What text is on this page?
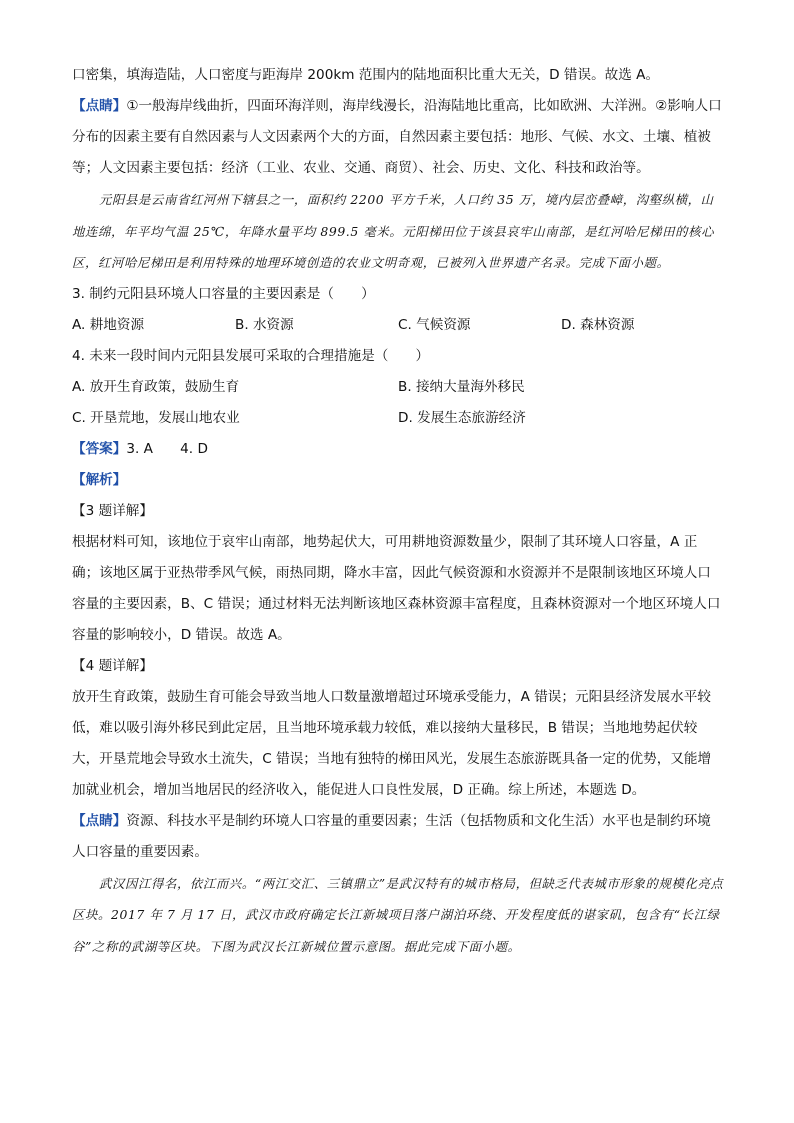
口密集，填海造陆，人口密度与距海岸 200km 范围内的陆地面积比重大无关，D 错误。故选 A。
【点睛】①一般海岸线曲折，四面环海洋则，海岸线漫长，沿海陆地比重高，比如欧洲、大洋洲。②影响人口分布的因素主要有自然因素与人文因素两个大的方面，自然因素主要包括：地形、气候、水文、土壤、植被等；人文因素主要包括：经济（工业、农业、交通、商贸）、社会、历史、文化、科技和政治等。
元阳县是云南省红河州下辖县之一，面积约 2200 平方千米，人口约 35 万，境内层峦叠嶂，沟壑纵横，山地连绵，年平均气温 25℃，年降水量平均 899.5 毫米。元阳梯田位于该县哀牢山南部，是红河哈尼梯田的核心区，红河哈尼梯田是利用特殊的地理环境创造的农业文明奇观，已被列入世界遗产名录。完成下面小题。
3. 制约元阳县环境人口容量的主要因素是（　　）
A. 耕地资源	B. 水资源	C. 气候资源	D. 森林资源
4. 未来一段时间内元阳县发展可采取的合理措施是（　　）
A. 放开生育政策，鼓励生育	B. 接纳大量海外移民
C. 开垦荒地，发展山地农业	D. 发展生态旅游经济
【答案】3. A　　4. D
【解析】
【3 题详解】
根据材料可知，该地位于哀牢山南部，地势起伏大，可用耕地资源数量少，限制了其环境人口容量，A 正确；该地区属于亚热带季风气候，雨热同期，降水丰富，因此气候资源和水资源并不是限制该地区环境人口容量的主要因素，B、C 错误；通过材料无法判断该地区森林资源丰富程度，且森林资源对一个地区环境人口容量的影响较小，D 错误。故选 A。
【4 题详解】
放开生育政策，鼓励生育可能会导致当地人口数量激增超过环境承受能力，A 错误；元阳县经济发展水平较低，难以吸引海外移民到此定居，且当地环境承载力较低，难以接纳大量移民，B 错误；当地地势起伏较大，开垦荒地会导致水土流失，C 错误；当地有独特的梯田风光，发展生态旅游既具备一定的优势，又能增加就业机会，增加当地居民的经济收入，能促进人口良性发展，D 正确。综上所述，本题选 D。
【点睛】资源、科技水平是制约环境人口容量的重要因素；生活（包括物质和文化生活）水平也是制约环境人口容量的重要因素。
武汉因江得名，依江而兴。“两江交汇、三镇鼎立”是武汉特有的城市格局，但缺乏代表城市形象的规模化亮点区块。2017 年 7 月 17 日，武汉市政府确定长江新城项目落户湖泊环绕、开发程度低的谌家矶，包含有“长江绿谷”之称的武湖等区块。下图为武汉长江新城位置示意图。据此完成下面小题。
